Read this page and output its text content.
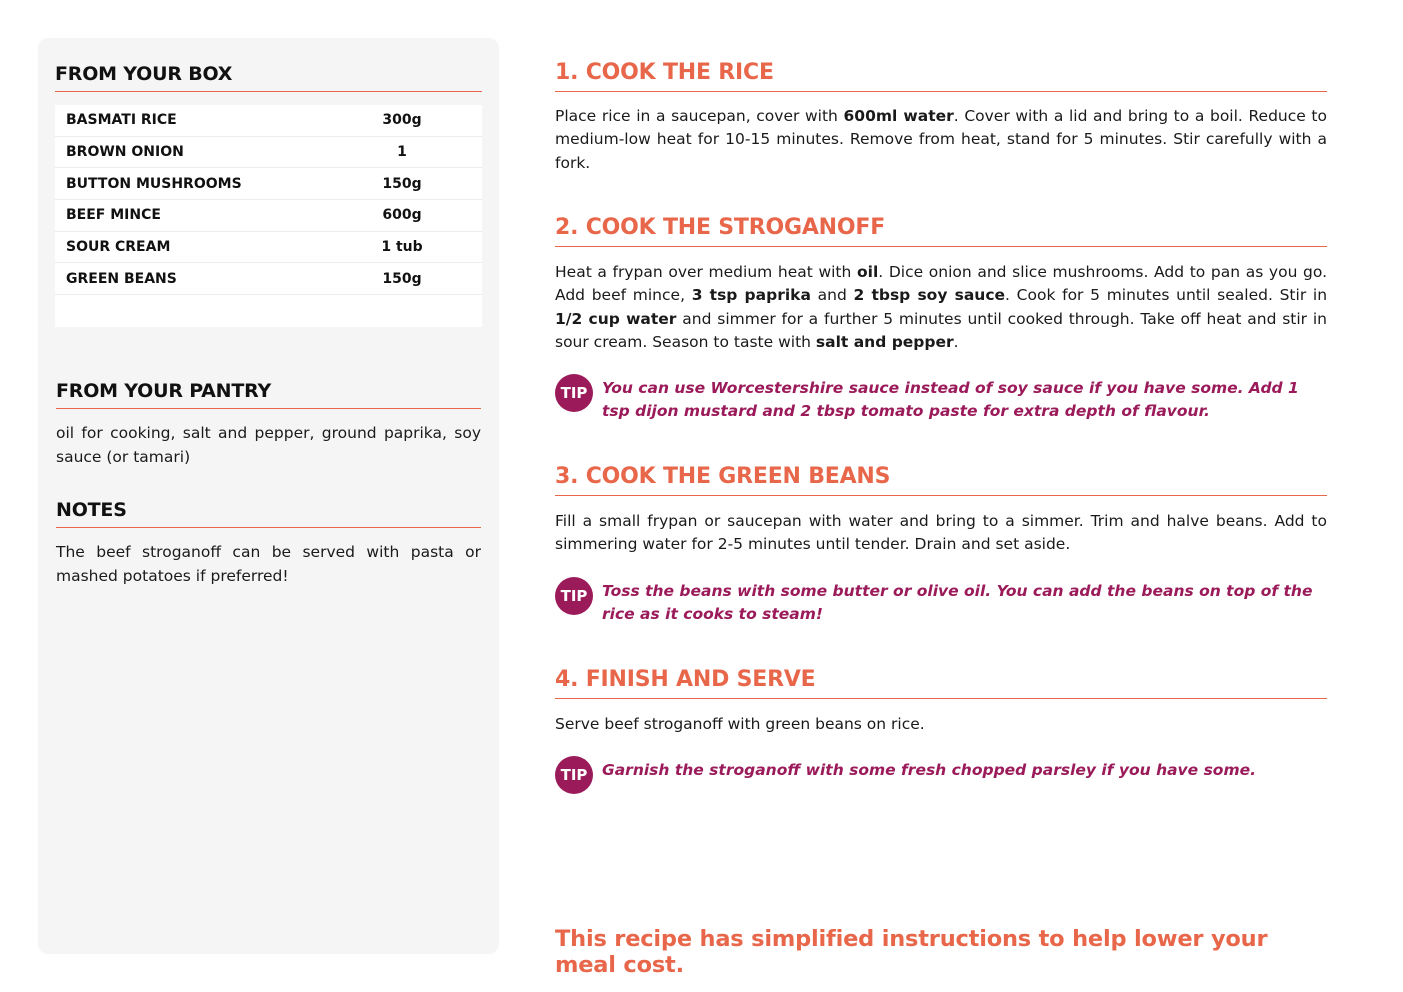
FROM YOUR BOX
BASMATI RICE	300g
BROWN ONION	1
BUTTON MUSHROOMS	150g
BEEF MINCE	600g
SOUR CREAM	1 tub
GREEN BEANS	150g
FROM YOUR PANTRY
oil for cooking, salt and pepper, ground paprika, soy sauce (or tamari)
NOTES
The beef stroganoff can be served with pasta or mashed potatoes if preferred!
1. COOK THE RICE
Place rice in a saucepan, cover with 600ml water. Cover with a lid and bring to a boil. Reduce to medium-low heat for 10-15 minutes. Remove from heat, stand for 5 minutes. Stir carefully with a fork.
2. COOK THE STROGANOFF
Heat a frypan over medium heat with oil. Dice onion and slice mushrooms. Add to pan as you go. Add beef mince, 3 tsp paprika and 2 tbsp soy sauce. Cook for 5 minutes until sealed. Stir in 1/2 cup water and simmer for a further 5 minutes until cooked through. Take off heat and stir in sour cream. Season to taste with salt and pepper.
TIP You can use Worcestershire sauce instead of soy sauce if you have some. Add 1 tsp dijon mustard and 2 tbsp tomato paste for extra depth of flavour.
3. COOK THE GREEN BEANS
Fill a small frypan or saucepan with water and bring to a simmer. Trim and halve beans. Add to simmering water for 2-5 minutes until tender. Drain and set aside.
TIP Toss the beans with some butter or olive oil. You can add the beans on top of the rice as it cooks to steam!
4. FINISH AND SERVE
Serve beef stroganoff with green beans on rice.
TIP Garnish the stroganoff with some fresh chopped parsley if you have some.
This recipe has simplified instructions to help lower your meal cost.
